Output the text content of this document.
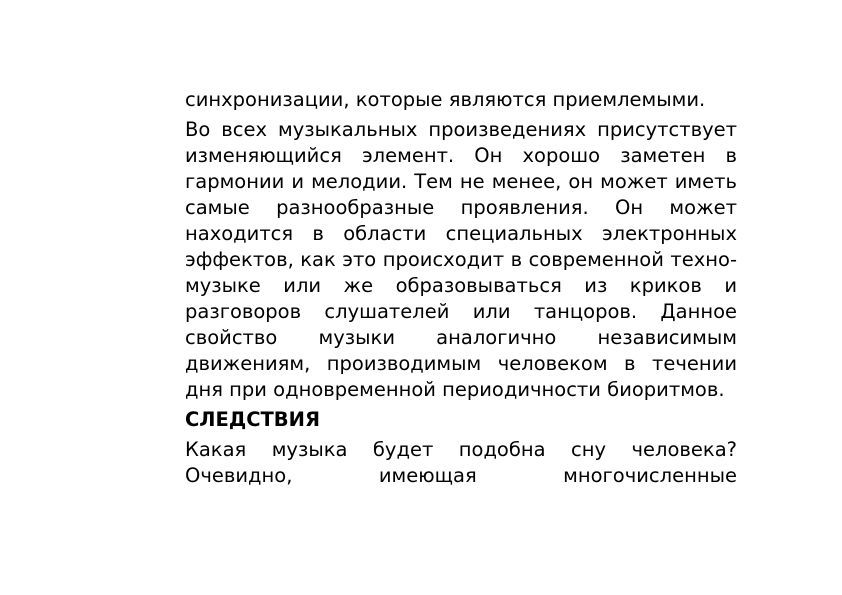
синхронизации, которые являются приемлемыми.

Во всех музыкальных произведениях присутствует изменяющийся элемент. Он хорошо заметен в гармонии и мелодии. Тем не менее, он может иметь самые разнообразные проявления. Он может находится в области специальных электронных эффектов, как это происходит в современной техно-музыке или же образовываться из криков и разговоров слушателей или танцоров. Данное свойство музыки аналогично независимым движениям, производимым человеком в течении дня при одновременной периодичности биоритмов.

СЛЕДСТВИЯ

Какая музыка будет подобна сну человека? Очевидно, имеющая многочисленные
